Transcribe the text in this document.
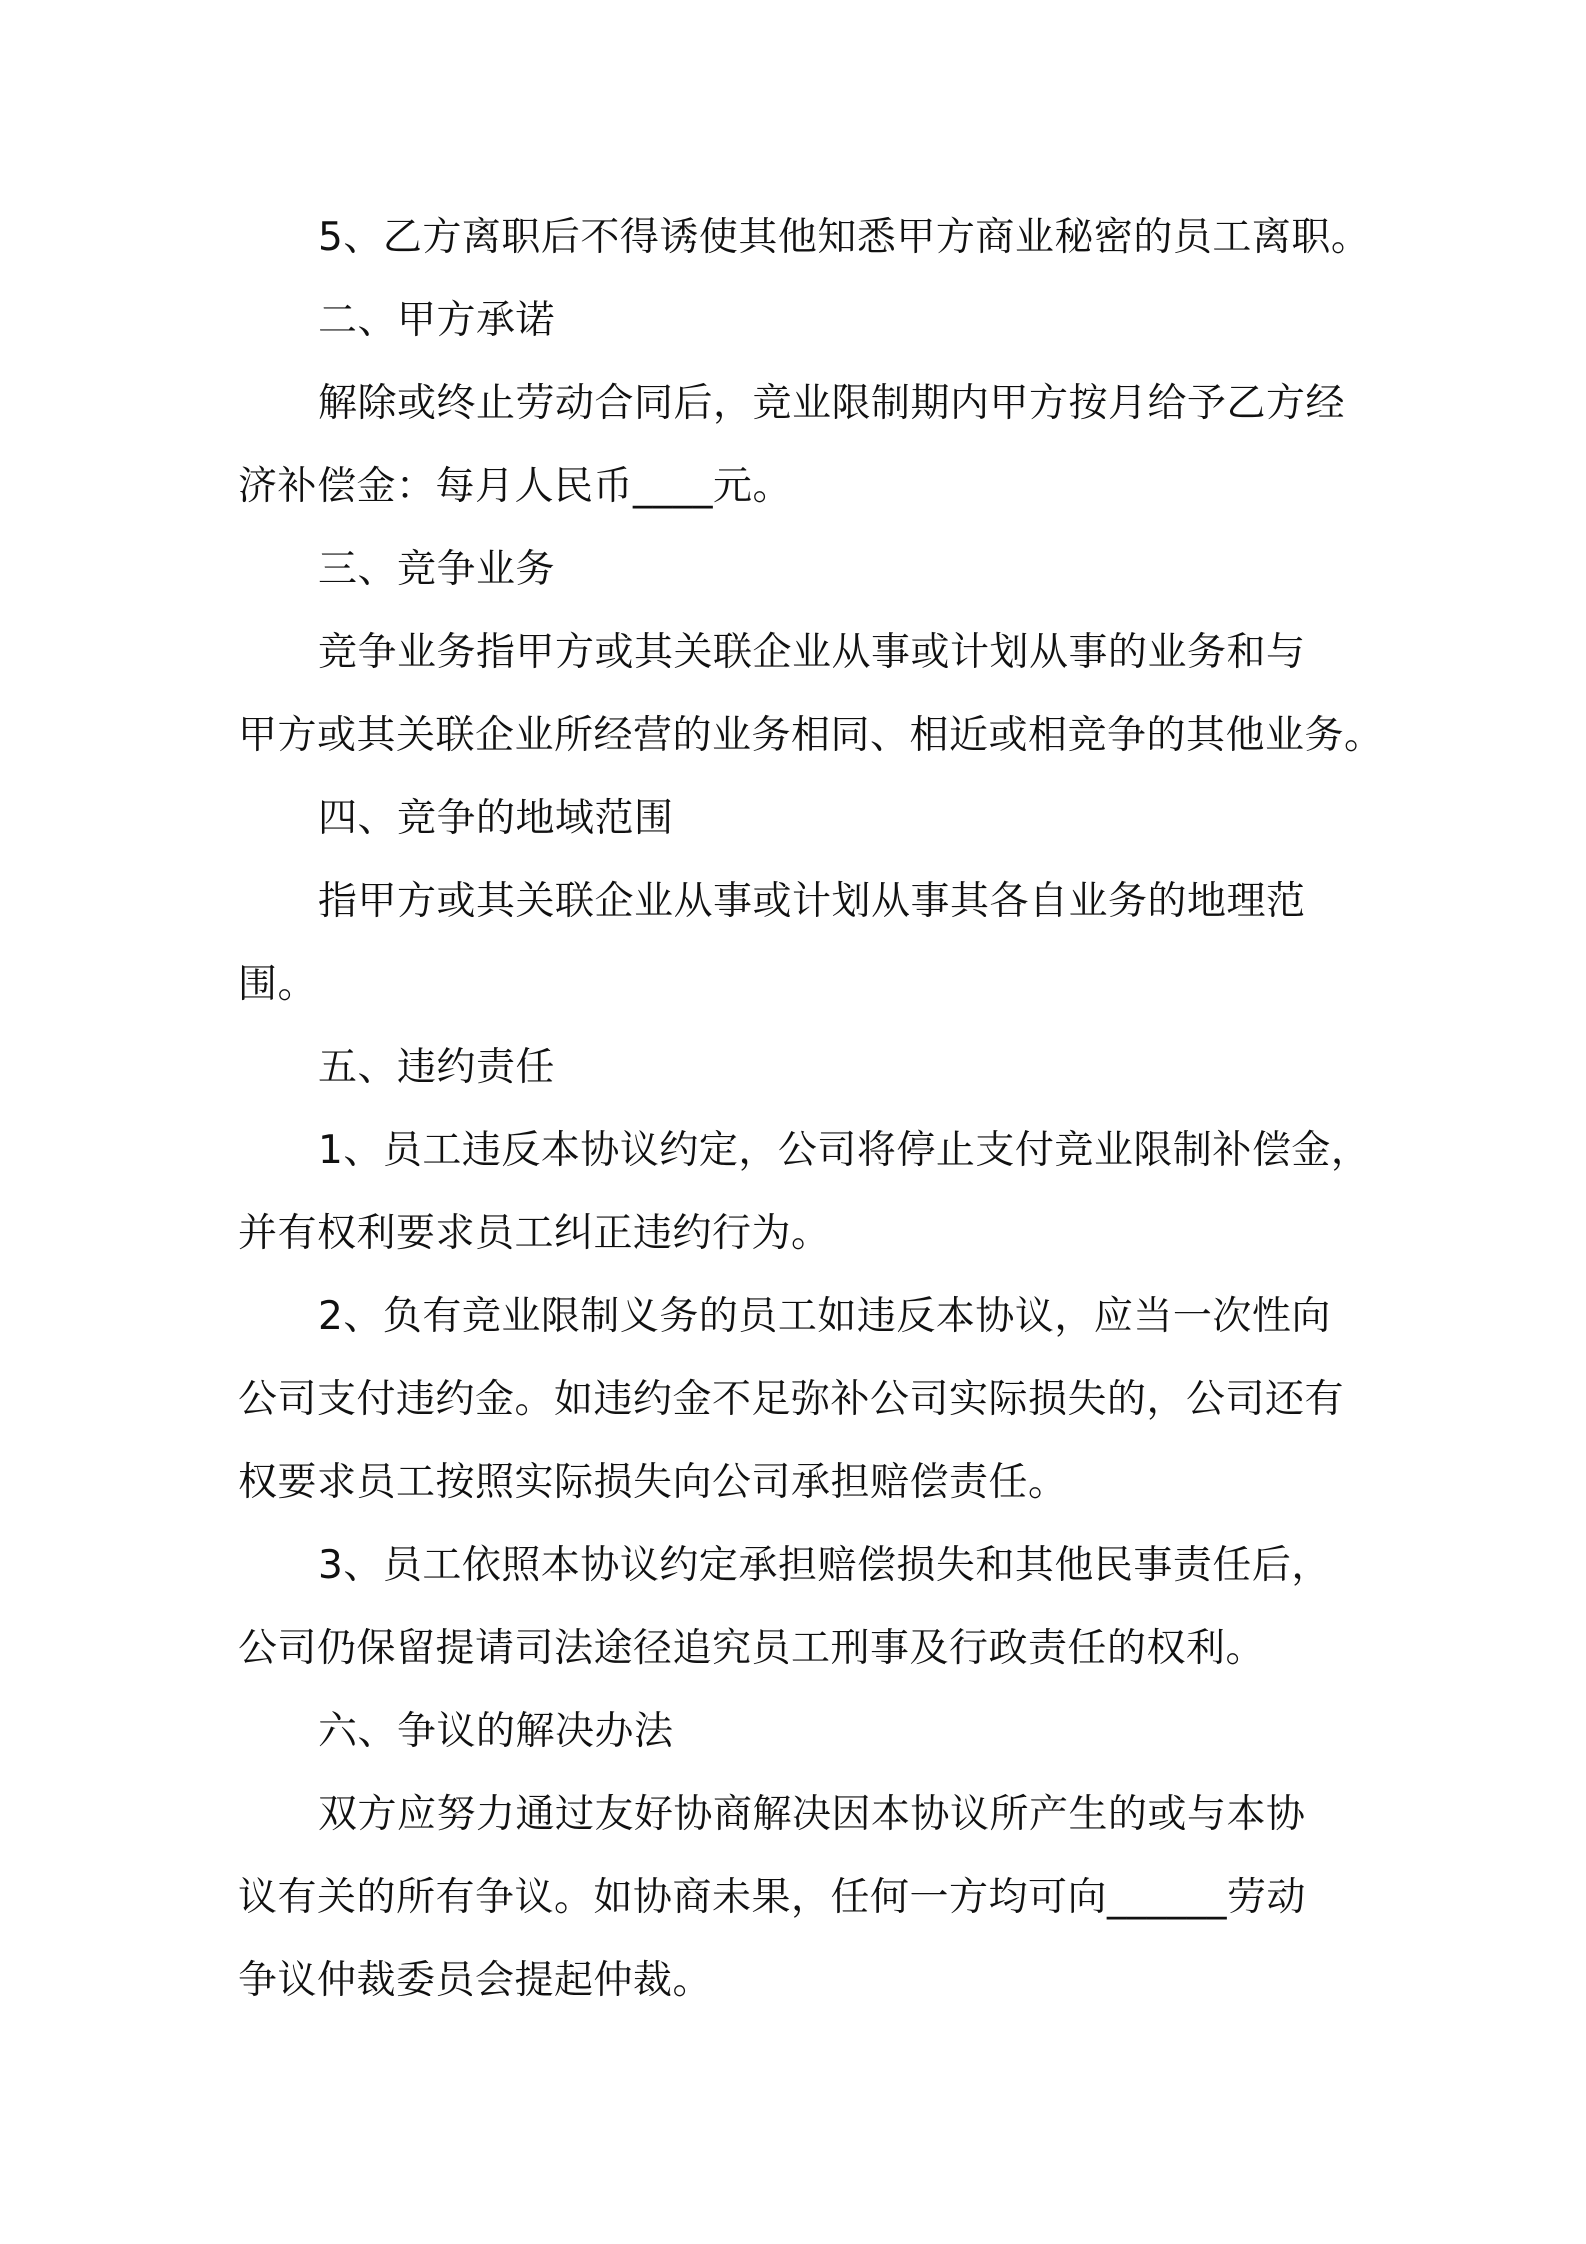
5、乙方离职后不得诱使其他知悉甲方商业秘密的员工离职。
二、甲方承诺
解除或终止劳动合同后，竞业限制期内甲方按月给予乙方经
济补偿金：每月人民币____元。
三、竞争业务
竞争业务指甲方或其关联企业从事或计划从事的业务和与
甲方或其关联企业所经营的业务相同、相近或相竞争的其他业务。
四、竞争的地域范围
指甲方或其关联企业从事或计划从事其各自业务的地理范
围。
五、违约责任
1、员工违反本协议约定，公司将停止支付竞业限制补偿金，
并有权利要求员工纠正违约行为。
2、负有竞业限制义务的员工如违反本协议，应当一次性向
公司支付违约金。如违约金不足弥补公司实际损失的，公司还有
权要求员工按照实际损失向公司承担赔偿责任。
3、员工依照本协议约定承担赔偿损失和其他民事责任后，
公司仍保留提请司法途径追究员工刑事及行政责任的权利。
六、争议的解决办法
双方应努力通过友好协商解决因本协议所产生的或与本协
议有关的所有争议。如协商未果，任何一方均可向______劳动
争议仲裁委员会提起仲裁。
